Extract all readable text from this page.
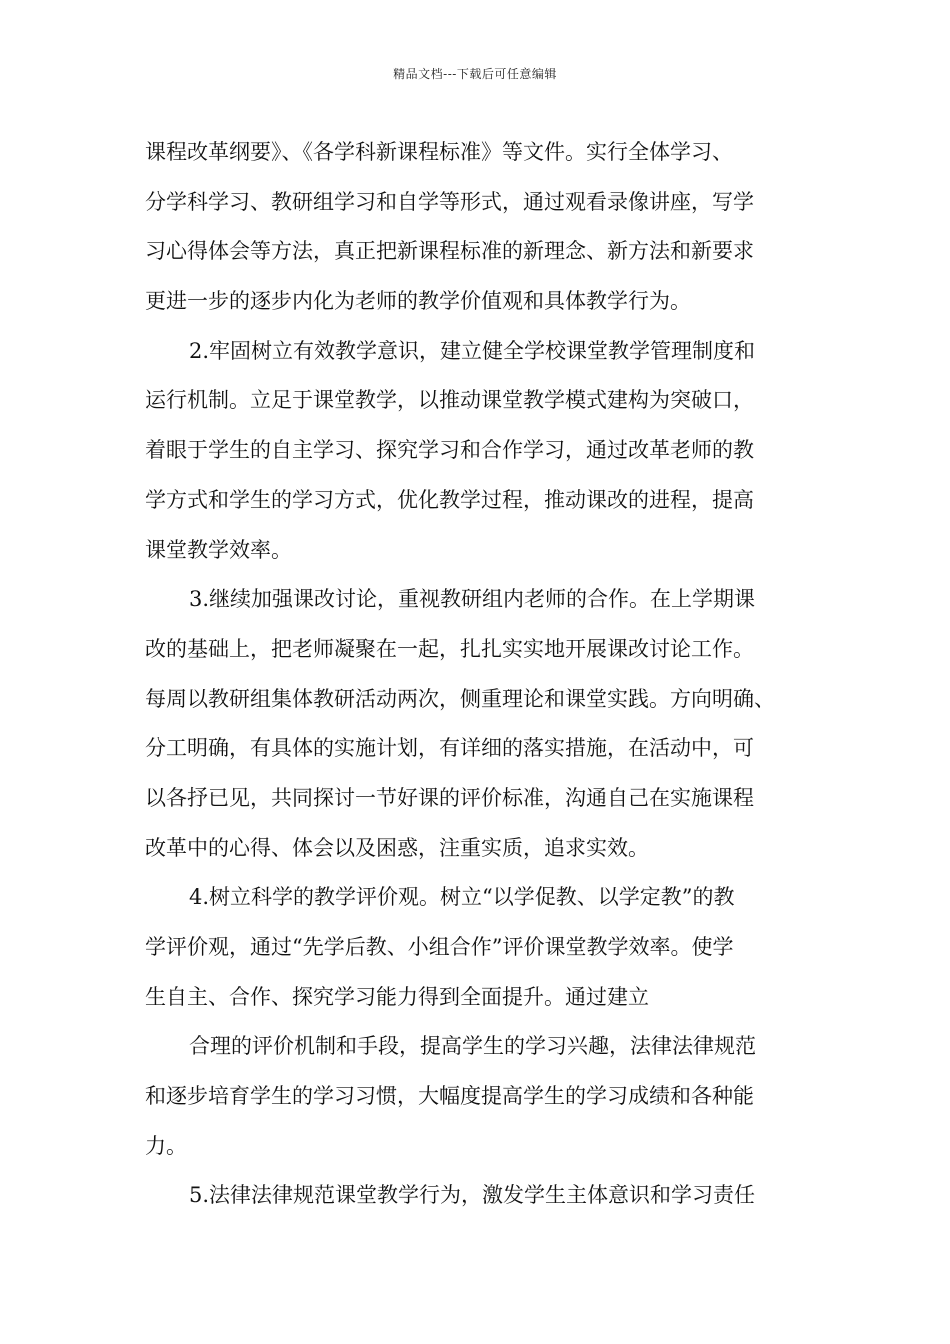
精品文档---下载后可任意编辑
课程改革纲要》、《各学科新课程标准》等文件。实行全体学习、
分学科学习、教研组学习和自学等形式，通过观看录像讲座，写学
习心得体会等方法，真正把新课程标准的新理念、新方法和新要求
更进一步的逐步内化为老师的教学价值观和具体教学行为。
2.牢固树立有效教学意识，建立健全学校课堂教学管理制度和
运行机制。立足于课堂教学，以推动课堂教学模式建构为突破口，
着眼于学生的自主学习、探究学习和合作学习，通过改革老师的教
学方式和学生的学习方式，优化教学过程，推动课改的进程，提高
课堂教学效率。
3.继续加强课改讨论，重视教研组内老师的合作。在上学期课
改的基础上，把老师凝聚在一起，扎扎实实地开展课改讨论工作。
每周以教研组集体教研活动两次，侧重理论和课堂实践。方向明确、
分工明确，有具体的实施计划，有详细的落实措施，在活动中，可
以各抒已见，共同探讨一节好课的评价标准，沟通自己在实施课程
改革中的心得、体会以及困惑，注重实质，追求实效。
4.树立科学的教学评价观。树立“以学促教、以学定教”的教
学评价观，通过“先学后教、小组合作”评价课堂教学效率。使学
生自主、合作、探究学习能力得到全面提升。通过建立
合理的评价机制和手段，提高学生的学习兴趣，法律法律规范
和逐步培育学生的学习习惯，大幅度提高学生的学习成绩和各种能
力。
5.法律法律规范课堂教学行为，激发学生主体意识和学习责任
